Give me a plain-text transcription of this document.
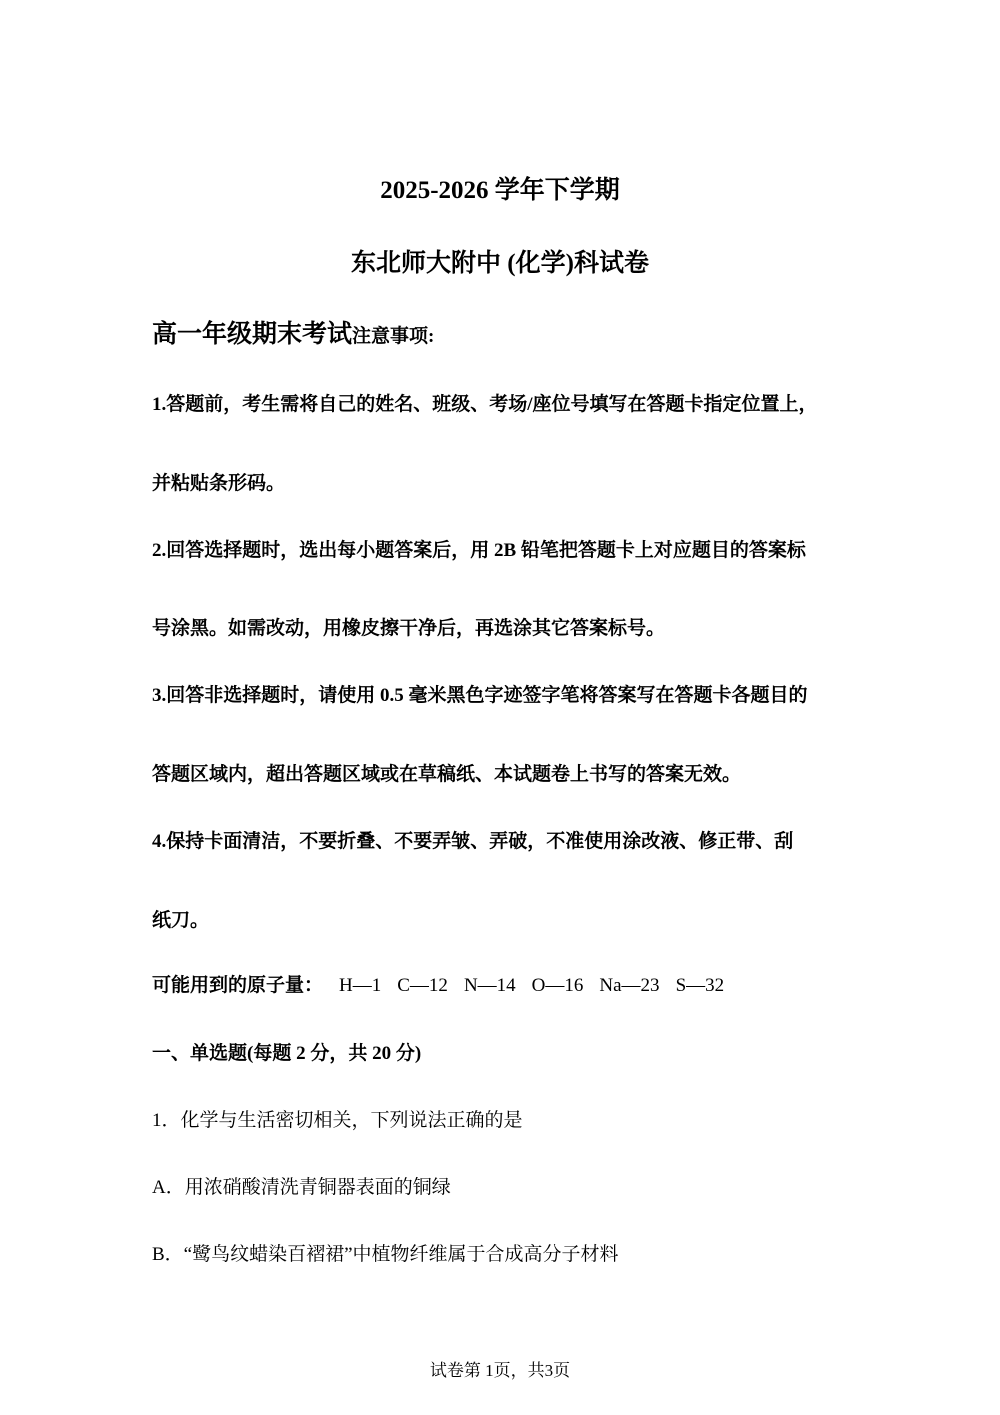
2025-2026 学年下学期
东北师大附中 (化学)科试卷
高一年级期末考试注意事项:
1.答题前，考生需将自己的姓名、班级、考场/座位号填写在答题卡指定位置上，
并粘贴条形码。
2.回答选择题时，选出每小题答案后，用 2B 铅笔把答题卡上对应题目的答案标
号涂黑。如需改动，用橡皮擦干净后，再选涂其它答案标号。
3.回答非选择题时，请使用 0.5 毫米黑色字迹签字笔将答案写在答题卡各题目的
答题区域内，超出答题区域或在草稿纸、本试题卷上书写的答案无效。
4.保持卡面清洁，不要折叠、不要弄皱、弄破，不准使用涂改液、修正带、刮
纸刀。
可能用到的原子量： H—1 C—12 N—14 O—16 Na—23 S—32
一、单选题(每题 2 分，共 20 分)
1．化学与生活密切相关，下列说法正确的是
A．用浓硝酸清洗青铜器表面的铜绿
B．“鹭鸟纹蜡染百褶裙”中植物纤维属于合成高分子材料
试卷第 1页，共3页
